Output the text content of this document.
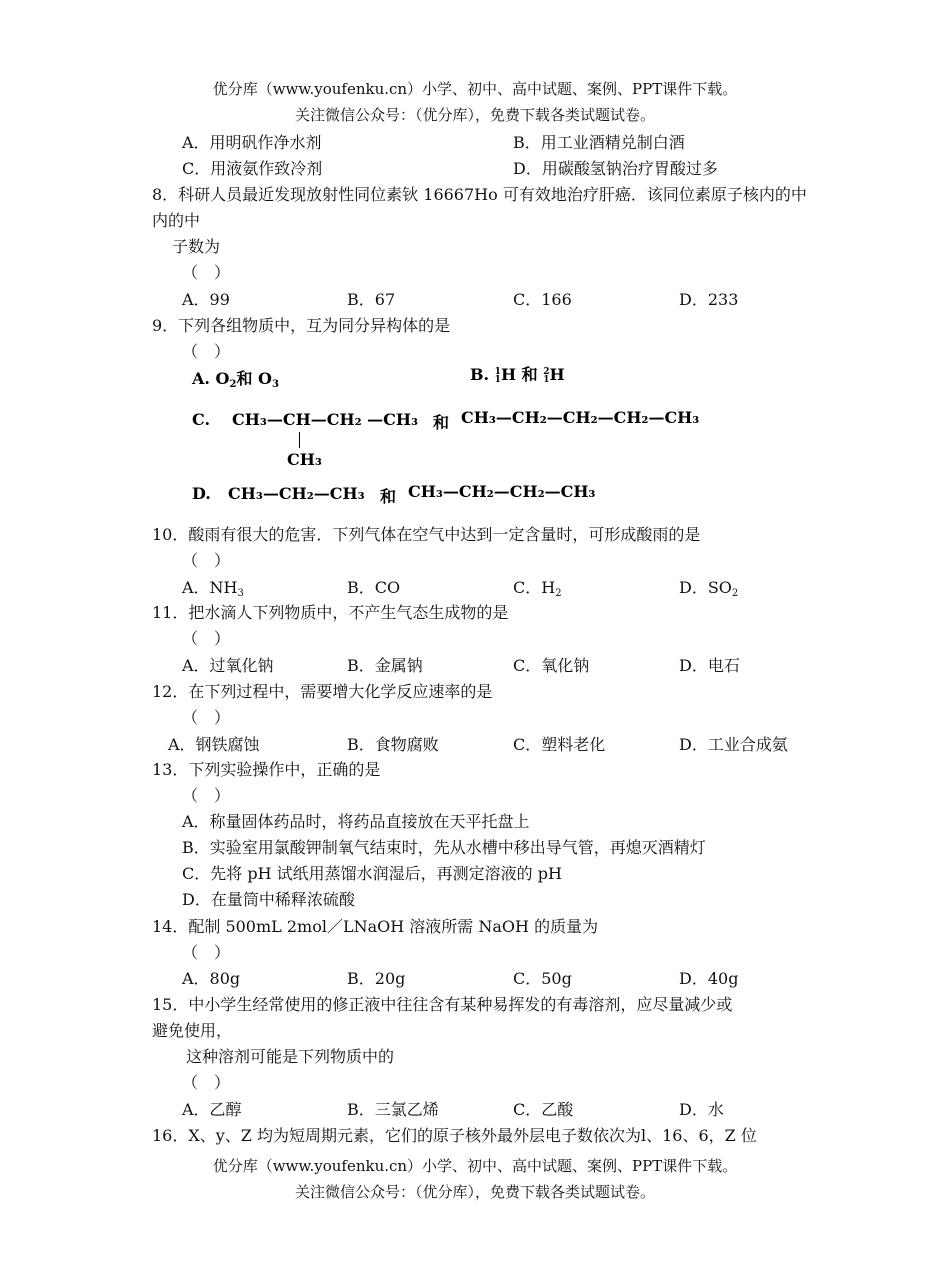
优分库（www.youfenku.cn）小学、初中、高中试题、案例、PPT课件下载。
关注微信公众号：（优分库），免费下载各类试题试卷。
A．用明矾作净水剂	B．用工业酒精兑制白酒
C．用液氨作致冷剂	D．用碳酸氢钠治疗胃酸过多
8．科研人员最近发现放射性同位素钬 16667Ho 可有效地治疗肝癌．该同位素原子核内的中
内的中
子数为
（　）
A．99	B．67	C．166	D．233
9．下列各组物质中，互为同分异构体的是
（　）
A. $O_2$和 $O_3$
B. 1
1H 和 2
1H
C. CH₃—CH—CH₂ —CH₃ 和 CH₃—CH₂—CH₂—CH₂—CH₃
CH₃
D. CH₃—CH₂—CH₃ 和 CH₃—CH₂—CH₂—CH₃
10．酸雨有很大的危害．下列气体在空气中达到一定含量时，可形成酸雨的是
（　）
A．$NH_3$	B．CO	C．$H_2$	D．$SO_2$
11．把水滴人下列物质中，不产生气态生成物的是
（　）
A．过氧化钠	B．金属钠	C．氧化钠	D．电石
12．在下列过程中，需要增大化学反应速率的是
（　）
A．钢铁腐蚀	B．食物腐败	C．塑料老化	D．工业合成氨
13．下列实验操作中，正确的是
（　）
A．称量固体药品时，将药品直接放在天平托盘上
B．实验室用氯酸钾制氧气结束时，先从水槽中移出导气管，再熄灭酒精灯
C．先将 pH 试纸用蒸馏水润湿后，再测定溶液的 pH
D．在量筒中稀释浓硫酸
14．配制 500mL 2mol／LNaOH 溶液所需 NaOH 的质量为
（　）
A．80g	B．20g	C．50g	D．40g
15．中小学生经常使用的修正液中往往含有某种易挥发的有毒溶剂，应尽量减少或
避免使用，
这种溶剂可能是下列物质中的
（　）
A．乙醇	B．三氯乙烯	C．乙酸	D．水
16．X、y、Z 均为短周期元素，它们的原子核外最外层电子数依次为l、16、6，Z 位
优分库（www.youfenku.cn）小学、初中、高中试题、案例、PPT课件下载。
关注微信公众号：（优分库），免费下载各类试题试卷。
